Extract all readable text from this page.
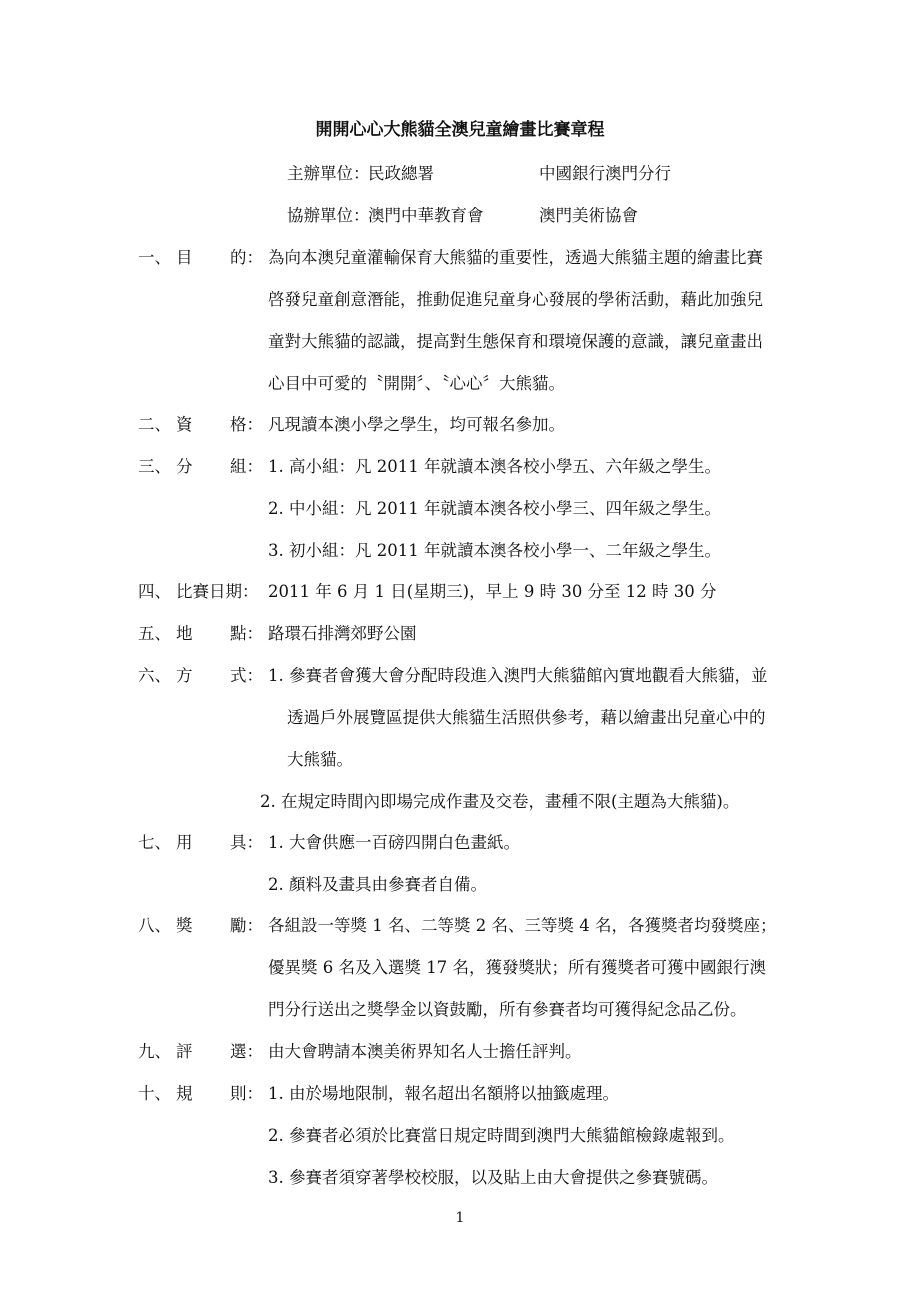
開開心心大熊貓全澳兒童繪畫比賽章程
主辦單位：
民政總署	中國銀行澳門分行
協辦單位：
澳門中華教育會	澳門美術協會
一、 目 的： 為向本澳兒童灌輸保育大熊貓的重要性，透過大熊貓主題的繪畫比賽
啓發兒童創意潛能，推動促進兒童身心發展的學術活動，藉此加強兒
童對大熊貓的認識，提高對生態保育和環境保護的意識，讓兒童畫出
心目中可愛的〝開開〞、〝心心〞大熊貓。
二、 資 格： 凡現讀本澳小學之學生，均可報名參加。
三、 分 組： 1. 高小組：凡 2011 年就讀本澳各校小學五、六年級之學生。
2. 中小組：凡 2011 年就讀本澳各校小學三、四年級之學生。
3. 初小組：凡 2011 年就讀本澳各校小學一、二年級之學生。
四、 比賽日期： 2011 年 6 月 1 日(星期三)，早上 9 時 30 分至 12 時 30 分
五、 地 點： 路環石排灣郊野公園
六、 方 式： 1. 參賽者會獲大會分配時段進入澳門大熊貓館內實地觀看大熊貓，並
透過戶外展覽區提供大熊貓生活照供參考，藉以繪畫出兒童心中的
大熊貓。
2. 在規定時間內即場完成作畫及交卷，畫種不限(主題為大熊貓)。
七、 用 具： 1. 大會供應一百磅四開白色畫紙。
2. 顏料及畫具由參賽者自備。
八、 獎 勵： 各組設一等獎 1 名、二等獎 2 名、三等獎 4 名，各獲獎者均發獎座；
優異獎 6 名及入選獎 17 名，獲發獎狀；所有獲獎者可獲中國銀行澳
門分行送出之獎學金以資鼓勵，所有參賽者均可獲得紀念品乙份。
九、 評 選： 由大會聘請本澳美術界知名人士擔任評判。
十、 規 則： 1. 由於場地限制，報名超出名額將以抽籤處理。
2. 參賽者必須於比賽當日規定時間到澳門大熊貓館檢錄處報到。
3. 參賽者須穿著學校校服，以及貼上由大會提供之參賽號碼。
1
